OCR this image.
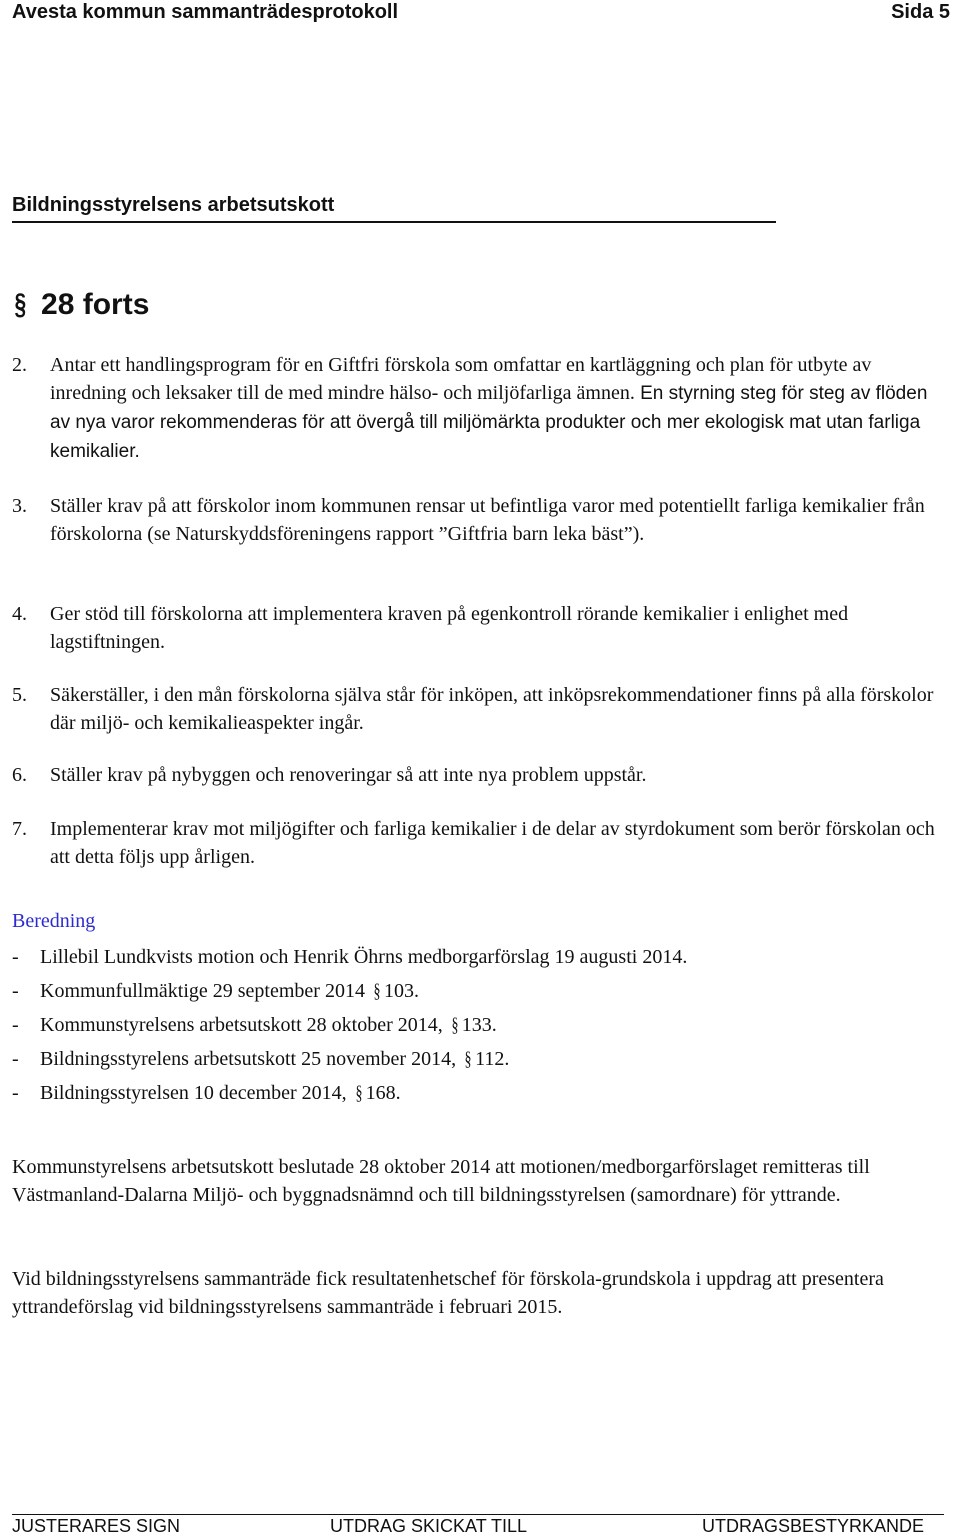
Avesta kommun sammanträdesprotokoll	Sida 5
Bildningsstyrelsens arbetsutskott
§ 28 forts
2. Antar ett handlingsprogram för en Giftfri förskola som omfattar en kartläggning och plan för utbyte av inredning och leksaker till de med mindre hälso- och miljöfarliga ämnen. En styrning steg för steg av flöden av nya varor rekommenderas för att övergå till miljömärkta produkter och mer ekologisk mat utan farliga kemikalier.
3. Ställer krav på att förskolor inom kommunen rensar ut befintliga varor med potentiellt farliga kemikalier från förskolorna (se Naturskyddsföreningens rapport ”Giftfria barn leka bäst”).
4. Ger stöd till förskolorna att implementera kraven på egenkontroll rörande kemikalier i enlighet med lagstiftningen.
5. Säkerställer, i den mån förskolorna själva står för inköpen, att inköpsrekommendationer finns på alla förskolor där miljö- och kemikalieaspekter ingår.
6. Ställer krav på nybyggen och renoveringar så att inte nya problem uppstår.
7. Implementerar krav mot miljögifter och farliga kemikalier i de delar av styrdokument som berör förskolan och att detta följs upp årligen.
Beredning
- Lillebil Lundkvists motion och Henrik Öhrns medborgarförslag 19 augusti 2014.
- Kommunfullmäktige 29 september 2014 § 103.
- Kommunstyrelsens arbetsutskott 28 oktober 2014, § 133.
- Bildningsstyrelens arbetsutskott 25 november 2014, § 112.
- Bildningsstyrelsen 10 december 2014, § 168.
Kommunstyrelsens arbetsutskott beslutade 28 oktober 2014 att motionen/medborgarförslaget remitteras till Västmanland-Dalarna Miljö- och byggnadsnämnd och till bildningsstyrelsen (samordnare) för yttrande.
Vid bildningsstyrelsens sammanträde fick resultatenhetschef för förskola-grundskola i uppdrag att presentera yttrandeförslag vid bildningsstyrelsens sammanträde i februari 2015.
JUSTERARES SIGN	UTDRAG SKICKAT TILL	UTDRAGSBESTYRKANDE
